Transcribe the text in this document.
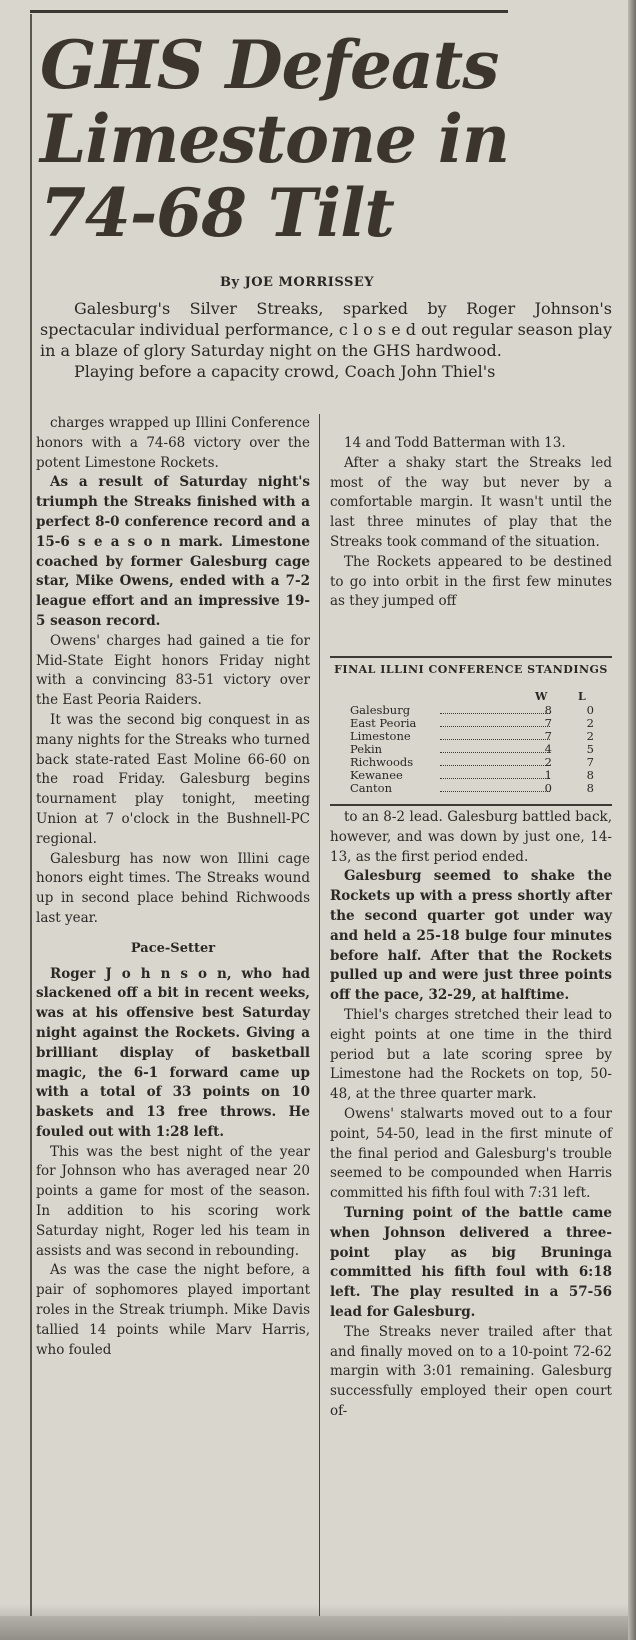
GHS Defeats
Limestone in
74-68 Tilt
By JOE MORRISSEY

Galesburg's Silver Streaks, sparked by Roger Johnson's spectacular individual performance, c l o s e d out regular season play in a blaze of glory Saturday night on the GHS hardwood.

Playing before a capacity crowd, Coach John Thiel's

charges wrapped up Illini Conference honors with a 74-68 victory over the potent Limestone Rockets.

As a result of Saturday night's triumph the Streaks finished with a perfect 8-0 conference record and a 15-6 s e a s o n mark. Limestone coached by former Galesburg cage star, Mike Owens, ended with a 7-2 league effort and an impressive 19-5 season record.

Owens' charges had gained a tie for Mid-State Eight honors Friday night with a convincing 83-51 victory over the East Peoria Raiders.

It was the second big conquest in as many nights for the Streaks who turned back state-rated East Moline 66-60 on the road Friday. Galesburg begins tournament play tonight, meeting Union at 7 o'clock in the Bushnell-PC regional.

Galesburg has now won Illini cage honors eight times. The Streaks wound up in second place behind Richwoods last year.

Pace-Setter

Roger J o h n s o n, who had slackened off a bit in recent weeks, was at his offensive best Saturday night against the Rockets. Giving a brilliant display of basketball magic, the 6-1 forward came up with a total of 33 points on 10 baskets and 13 free throws. He fouled out with 1:28 left.

This was the best night of the year for Johnson who has averaged near 20 points a game for most of the season. In addition to his scoring work Saturday night, Roger led his team in assists and was second in rebounding.

As was the case the night before, a pair of sophomores played important roles in the Streak triumph. Mike Davis tallied 14 points while Marv Harris, who fouled

14 and Todd Batterman with 13.

After a shaky start the Streaks led most of the way but never by a comfortable margin. It wasn't until the last three minutes of play that the Streaks took command of the situation.

The Rockets appeared to be destined to go into orbit in the first few minutes as they jumped off

FINAL ILLINI CONFERENCE STANDINGS
W	L
Galesburg	8	0
East Peoria	7	2
Limestone	7	2
Pekin	4	5
Richwoods	2	7
Kewanee	1	8
Canton	0	8

to an 8-2 lead. Galesburg battled back, however, and was down by just one, 14-13, as the first period ended.

Galesburg seemed to shake the Rockets up with a press shortly after the second quarter got under way and held a 25-18 bulge four minutes before half. After that the Rockets pulled up and were just three points off the pace, 32-29, at halftime.

Thiel's charges stretched their lead to eight points at one time in the third period but a late scoring spree by Limestone had the Rockets on top, 50-48, at the three quarter mark.

Owens' stalwarts moved out to a four point, 54-50, lead in the first minute of the final period and Galesburg's trouble seemed to be compounded when Harris committed his fifth foul with 7:31 left.

Turning point of the battle came when Johnson delivered a three-point play as big Bruninga committed his fifth foul with 6:18 left. The play resulted in a 57-56 lead for Galesburg.

The Streaks never trailed after that and finally moved on to a 10-point 72-62 margin with 3:01 remaining. Galesburg successfully employed their open court of-
